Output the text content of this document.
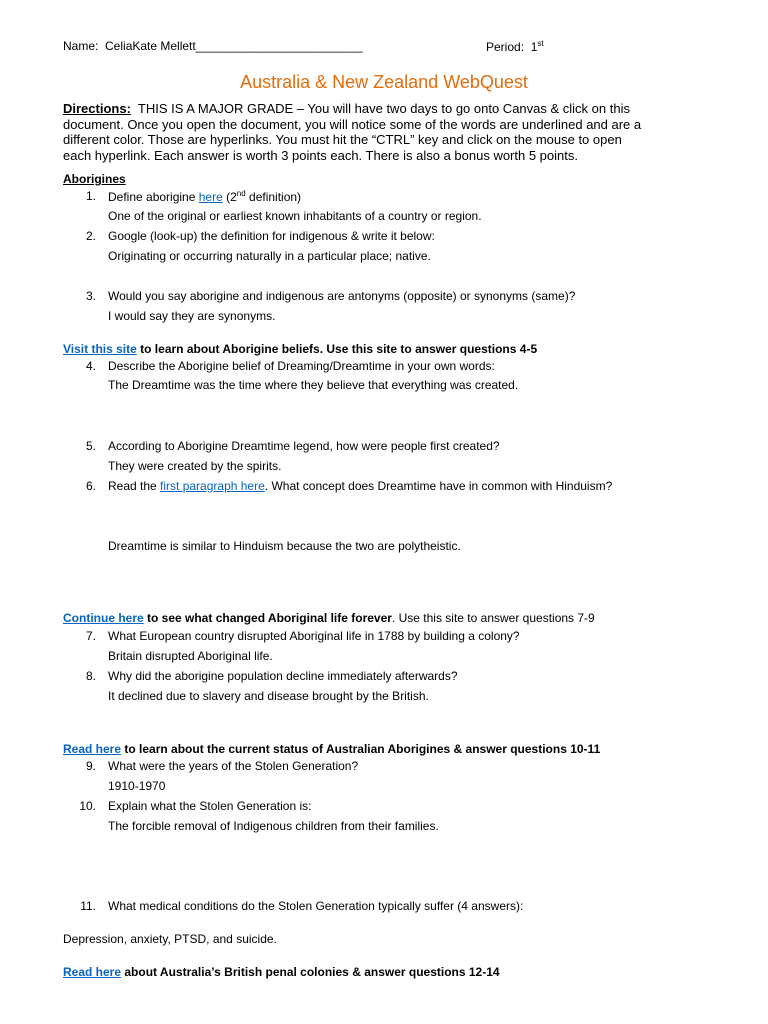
Name: CeliaKate Mellett_________________________	Period: 1st
Australia & New Zealand WebQuest
Directions: THIS IS A MAJOR GRADE – You will have two days to go onto Canvas & click on this
document. Once you open the document, you will notice some of the words are underlined and are a
different color. Those are hyperlinks. You must hit the “CTRL” key and click on the mouse to open
each hyperlink. Each answer is worth 3 points each. There is also a bonus worth 5 points.
Aborigines
1. Define aborigine here (2nd definition)
One of the original or earliest known inhabitants of a country or region.
2. Google (look-up) the definition for indigenous & write it below:
Originating or occurring naturally in a particular place; native.
3. Would you say aborigine and indigenous are antonyms (opposite) or synonyms (same)?
I would say they are synonyms.
Visit this site to learn about Aborigine beliefs. Use this site to answer questions 4-5
4. Describe the Aborigine belief of Dreaming/Dreamtime in your own words:
The Dreamtime was the time where they believe that everything was created.
5. According to Aborigine Dreamtime legend, how were people first created?
They were created by the spirits.
6. Read the first paragraph here. What concept does Dreamtime have in common with Hinduism?
Dreamtime is similar to Hinduism because the two are polytheistic.
Continue here to see what changed Aboriginal life forever. Use this site to answer questions 7-9
7. What European country disrupted Aboriginal life in 1788 by building a colony?
Britain disrupted Aboriginal life.
8. Why did the aborigine population decline immediately afterwards?
It declined due to slavery and disease brought by the British.
Read here to learn about the current status of Australian Aborigines & answer questions 10-11
9. What were the years of the Stolen Generation?
1910-1970
10. Explain what the Stolen Generation is:
The forcible removal of Indigenous children from their families.
11. What medical conditions do the Stolen Generation typically suffer (4 answers):
Depression, anxiety, PTSD, and suicide.
Read here about Australia’s British penal colonies & answer questions 12-14
